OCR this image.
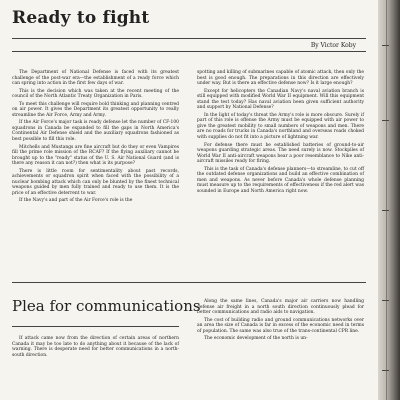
Ready to fight
By Victor Koby

The Department of National Defense is faced with its greatest challenge of the post-war era—the establishment of a ready force which can spring into action in the first few days of war.

This is the decision which was taken at the recent meeting of the council of the North Atlantic Treaty Organization in Paris.

To meet this challenge will require bold thinking and planning centred on air power. It gives the Department its greatest opportunity to really streamline the Air Force, Army and Army.

If the Air Force's major task is ready defense let the number of CF-100 squadrons in Canada be expanded to fill the gaps in North America's Continental Air Defense shield and the auxiliary squadrons fashioned as best possible to fill this role.

Mitchells and Mustangs are fine aircraft but do they or even Vampires fill the prime role mission of the RCAF? If the flying auxiliary cannot be brought up to the "ready" status of the U. S. Air National Guard (and is there any reason it can not?) then what is its purpose?

There is little room for sentimentality about past records, achievements or squadron spirit when faced with the possibility of a nuclear bombing attack which can only be blunted by the finest technical weapons guided by men fully trained and ready to use them. It is the price of an effective deterrent to war.

If the Navy's and part of the Air Force's role is the

spotting and killing of submarines capable of atomic attack, then only the best is good enough. The preparations in this direction are effectively under way. But is there an effective defense now? Is it large enough?

Except for helicopters the Canadian Navy's naval aviation branch is still equipped with modified World War II equipment. Will this equipment stand the test today? Has naval aviation been given sufficient authority and support by National Defense?

In the light of today's threat the Army's role is more obscure. Surely if part of this role is offense the Army must be equipped with air power to give the greatest mobility to small numbers of weapons and men. There are no roads for trucks in Canada's northland and overseas roads choked with supplies do not fit into a picture of lightning war.

For defense there must be established batteries of ground-to-air weapons guarding strategic areas. The need surely is now. Stockpiles of World War II anti-aircraft weapons bear a poor resemblance to Nike anti-aircraft missiles ready for firing.

This is the task of Canada's defense planners—to streamline, to cut off the outdated defense organizations and build an effective combination of men and weapons. As never before Canada's whole defense planning must measure up to the requirements of effectiveness if the red alert was sounded in Europe and North America right now.

Plea for communications

If attack came now from the direction of certain areas of northern Canada it may be too late to do anything about it because of the lack of warning. There is desperate need for better communications in a north-south direction.

Along the same lines, Canada's major air carriers now handling defense air freight in a north south direction continuously plead for better communications and radio aids to navigation.

The cost of building radio and ground communications networks over an area the size of Canada is far in excess of the economic need in terms of population. The same was also true of the trans-continental CPR line.

The economic development of the north is un-
